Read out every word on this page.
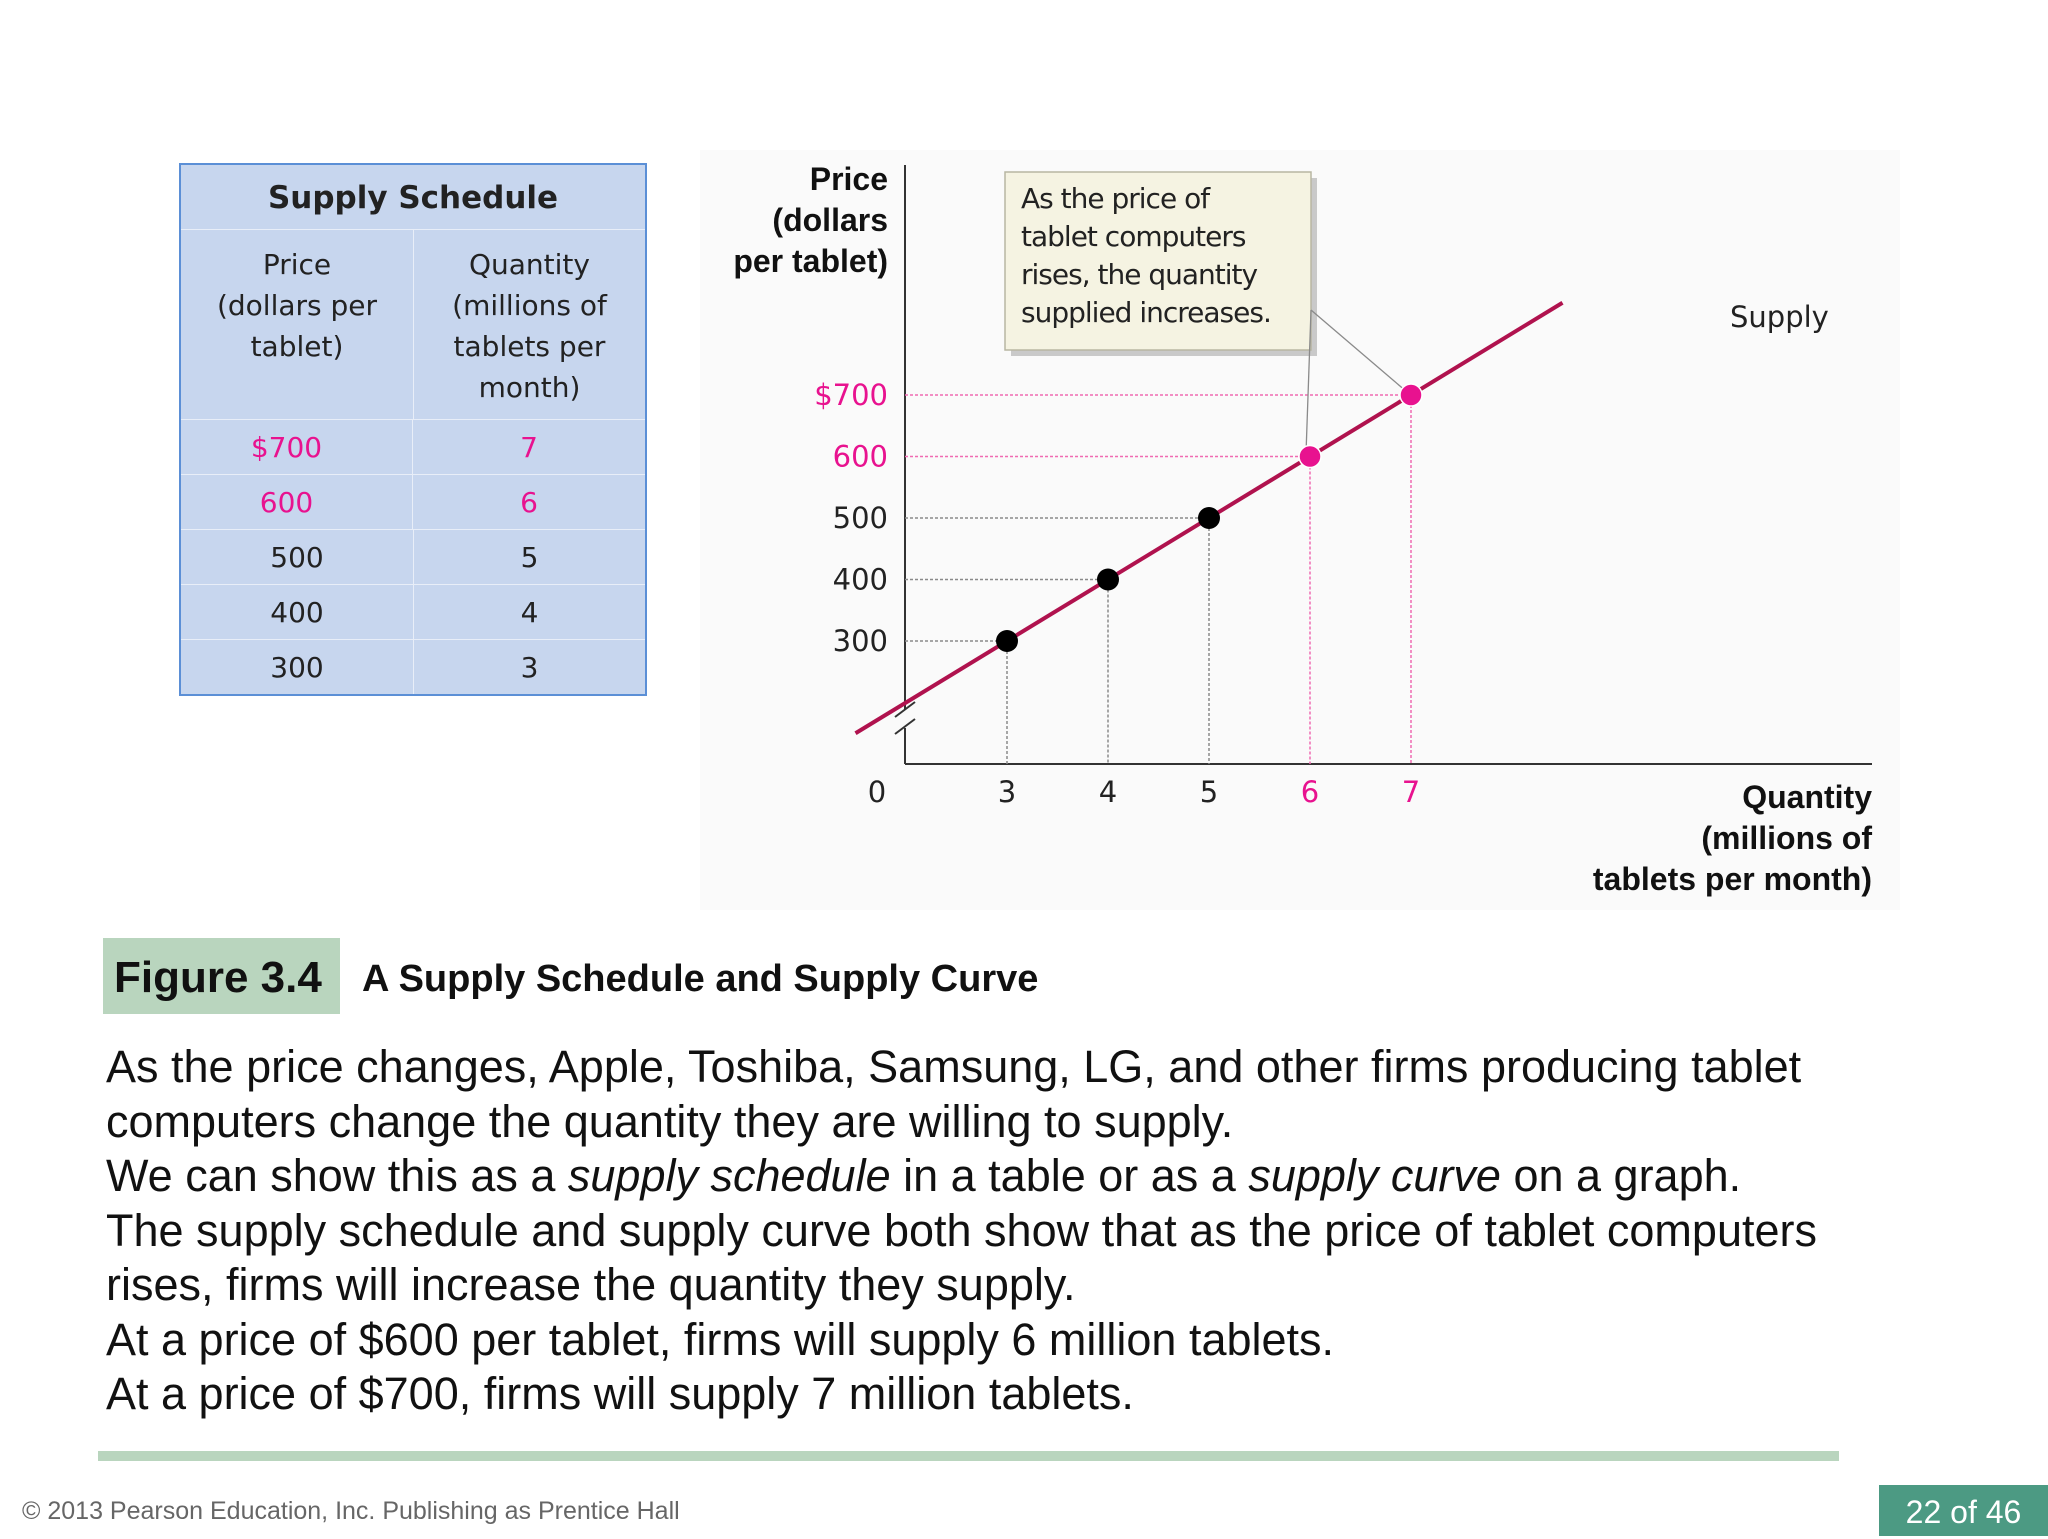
Supply Schedule
Price
(dollars per
tablet)
Quantity
(millions of
tablets per
month)
$700	7
600	6
500	5
400	4
300	3
Price (dollars per tablet)
Quantity (millions of tablets per month)
$700
600
500
400
300
0	3	4	5	6	7
Supply
As the price of tablet computers rises, the quantity supplied increases.
Figure 3.4	A Supply Schedule and Supply Curve

As the price changes, Apple, Toshiba, Samsung, LG, and other firms producing tablet computers change the quantity they are willing to supply.

We can show this as a supply schedule in a table or as a supply curve on a graph.

The supply schedule and supply curve both show that as the price of tablet computers rises, firms will increase the quantity they supply.

At a price of $600 per tablet, firms will supply 6 million tablets.

At a price of $700, firms will supply 7 million tablets.

© 2013 Pearson Education, Inc. Publishing as Prentice Hall	22 of 46
